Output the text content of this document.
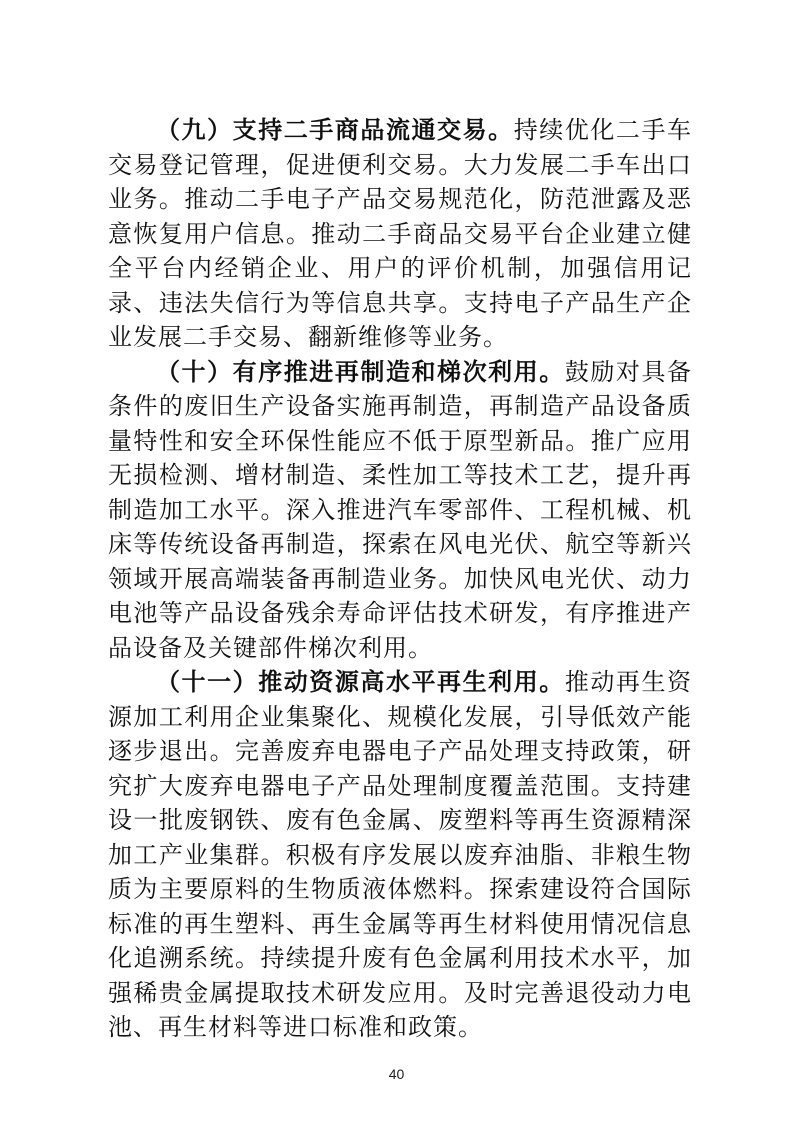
（九）支持二手商品流通交易。持续优化二手车交易登记管理，促进便利交易。大力发展二手车出口业务。推动二手电子产品交易规范化，防范泄露及恶意恢复用户信息。推动二手商品交易平台企业建立健全平台内经销企业、用户的评价机制，加强信用记录、违法失信行为等信息共享。支持电子产品生产企业发展二手交易、翻新维修等业务。

（十）有序推进再制造和梯次利用。鼓励对具备条件的废旧生产设备实施再制造，再制造产品设备质量特性和安全环保性能应不低于原型新品。推广应用无损检测、增材制造、柔性加工等技术工艺，提升再制造加工水平。深入推进汽车零部件、工程机械、机床等传统设备再制造，探索在风电光伏、航空等新兴领域开展高端装备再制造业务。加快风电光伏、动力电池等产品设备残余寿命评估技术研发，有序推进产品设备及关键部件梯次利用。

（十一）推动资源高水平再生利用。推动再生资源加工利用企业集聚化、规模化发展，引导低效产能逐步退出。完善废弃电器电子产品处理支持政策，研究扩大废弃电器电子产品处理制度覆盖范围。支持建设一批废钢铁、废有色金属、废塑料等再生资源精深加工产业集群。积极有序发展以废弃油脂、非粮生物质为主要原料的生物质液体燃料。探索建设符合国际标准的再生塑料、再生金属等再生材料使用情况信息化追溯系统。持续提升废有色金属利用技术水平，加强稀贵金属提取技术研发应用。及时完善退役动力电池、再生材料等进口标准和政策。

40
